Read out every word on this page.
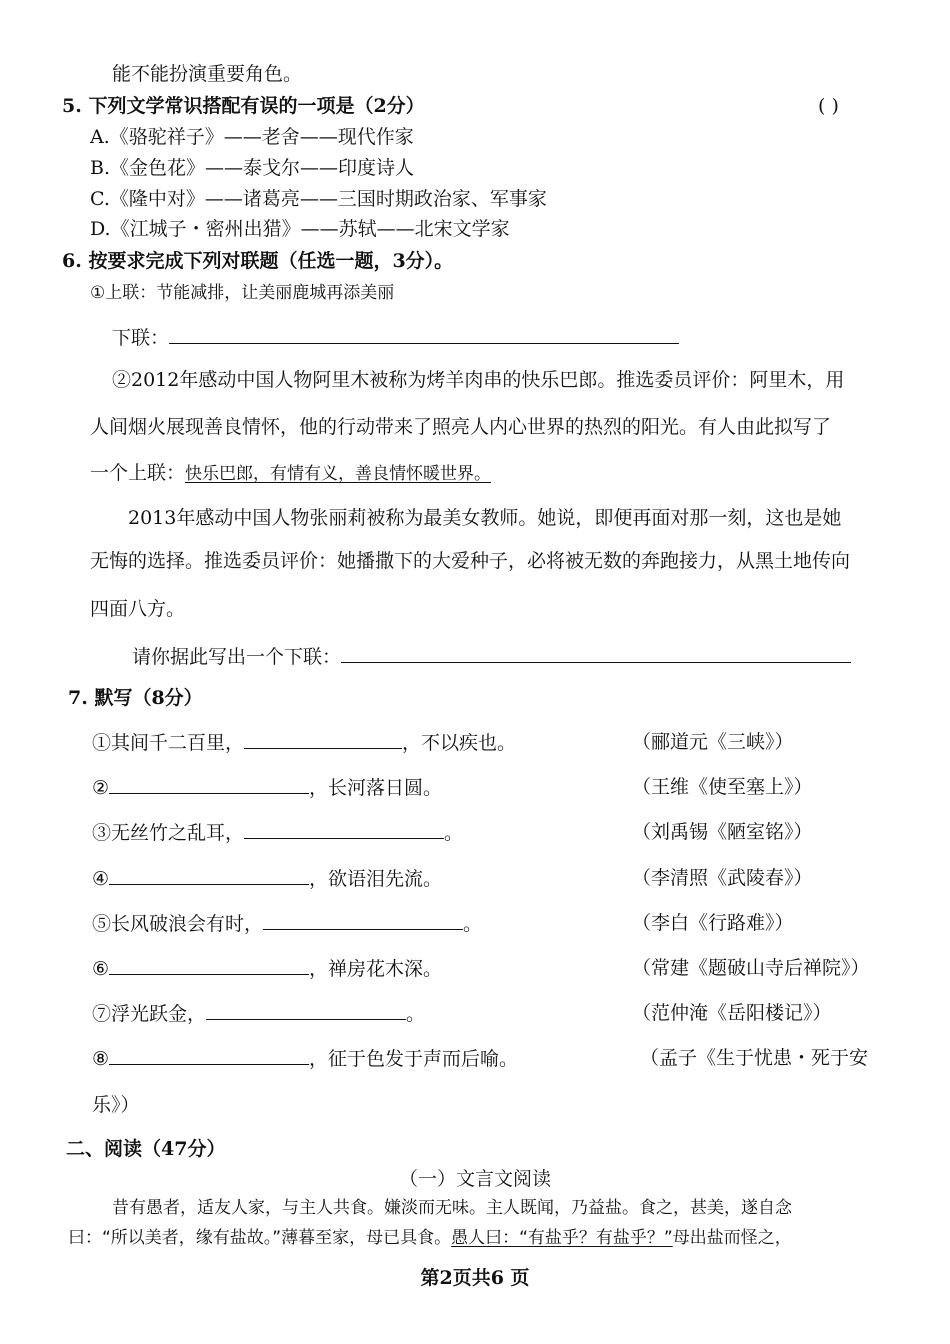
能不能扮演重要角色。
5. 下列文学常识搭配有误的一项是（2分）	( )
A.《骆驼祥子》——老舍——现代作家
B.《金色花》——泰戈尔——印度诗人
C.《隆中对》——诸葛亮——三国时期政治家、军事家
D.《江城子・密州出猎》——苏轼——北宋文学家
6. 按要求完成下列对联题（任选一题，3分）。
①上联：节能减排，让美丽鹿城再添美丽
下联：
②2012年感动中国人物阿里木被称为烤羊肉串的快乐巴郎。推选委员评价：阿里木，用
人间烟火展现善良情怀，他的行动带来了照亮人内心世界的热烈的阳光。有人由此拟写了
一个上联：快乐巴郎，有情有义，善良情怀暖世界。
2013年感动中国人物张丽莉被称为最美女教师。她说，即便再面对那一刻，这也是她
无悔的选择。推选委员评价：她播撒下的大爱种子，必将被无数的奔跑接力，从黑土地传向
四面八方。
请你据此写出一个下联：
7. 默写（8分）
①其间千二百里，	，不以疾也。	（郦道元《三峡》）
②	，长河落日圆。	（王维《使至塞上》）
③无丝竹之乱耳，	。	（刘禹锡《陋室铭》）
④	，欲语泪先流。	（李清照《武陵春》）
⑤长风破浪会有时，	。	（李白《行路难》）
⑥	，禅房花木深。	（常建《题破山寺后禅院》）
⑦浮光跃金，	。	（范仲淹《岳阳楼记》）
⑧	，征于色发于声而后喻。	（孟子《生于忧患・死于安
乐》）
二、阅读（47分）
（一）文言文阅读
昔有愚者，适友人家，与主人共食。嫌淡而无味。主人既闻，乃益盐。食之，甚美，遂自念
曰：“所以美者，缘有盐故。”薄暮至家，母已具食。愚人曰：“有盐乎？有盐乎？”母出盐而怪之，
第2页共6 页
